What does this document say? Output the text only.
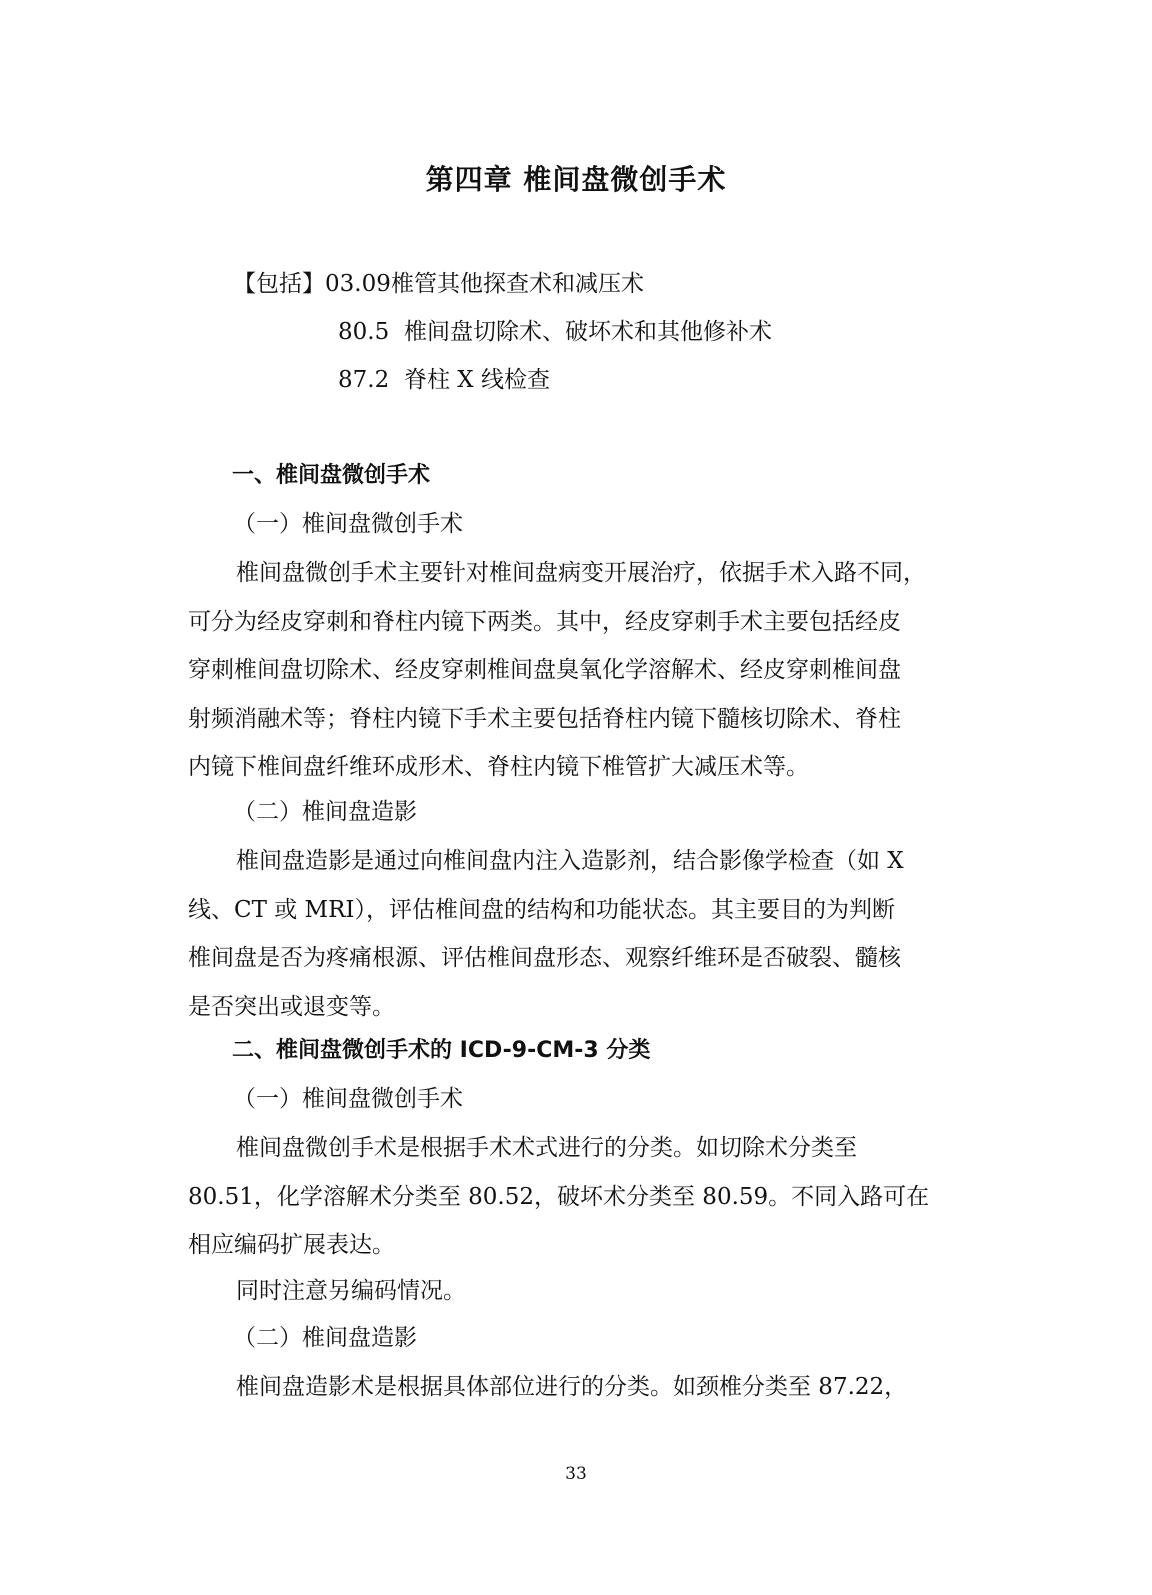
第四章 椎间盘微创手术
【包括】03.09椎管其他探查术和减压术
80.5 椎间盘切除术、破坏术和其他修补术
87.2 脊柱 X 线检查
一、椎间盘微创手术
（一）椎间盘微创手术
椎间盘微创手术主要针对椎间盘病变开展治疗，依据手术入路不同，
可分为经皮穿刺和脊柱内镜下两类。其中，经皮穿刺手术主要包括经皮
穿刺椎间盘切除术、经皮穿刺椎间盘臭氧化学溶解术、经皮穿刺椎间盘
射频消融术等；脊柱内镜下手术主要包括脊柱内镜下髓核切除术、脊柱
内镜下椎间盘纤维环成形术、脊柱内镜下椎管扩大减压术等。
（二）椎间盘造影
椎间盘造影是通过向椎间盘内注入造影剂，结合影像学检查（如 X
线、CT 或 MRI），评估椎间盘的结构和功能状态。其主要目的为判断
椎间盘是否为疼痛根源、评估椎间盘形态、观察纤维环是否破裂、髓核
是否突出或退变等。
二、椎间盘微创手术的 ICD-9-CM-3 分类
（一）椎间盘微创手术
椎间盘微创手术是根据手术术式进行的分类。如切除术分类至
80.51，化学溶解术分类至 80.52，破坏术分类至 80.59。不同入路可在
相应编码扩展表达。
同时注意另编码情况。
（二）椎间盘造影
椎间盘造影术是根据具体部位进行的分类。如颈椎分类至 87.22，
33
